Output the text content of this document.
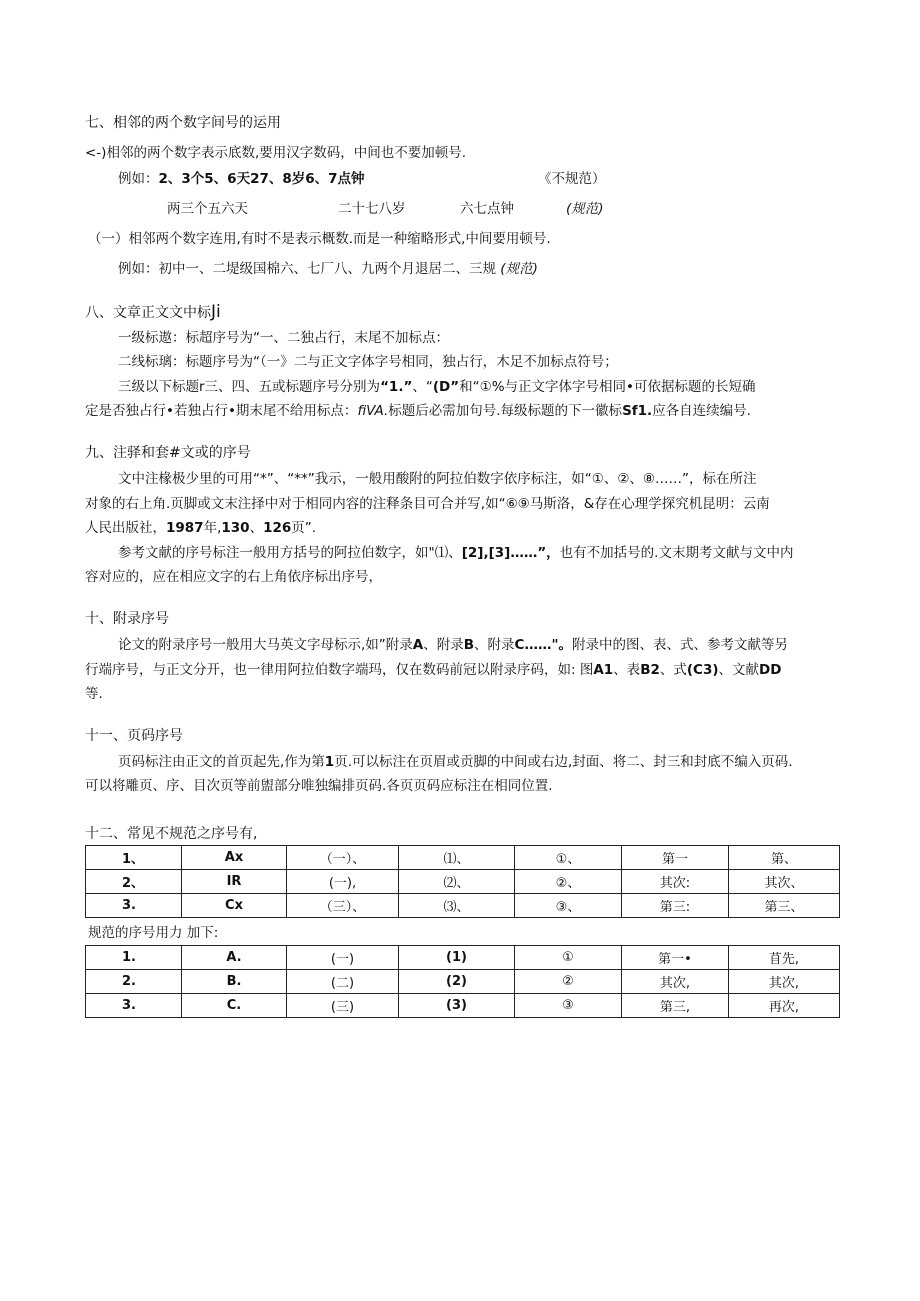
七、相邻的两个数字间号的运用
<-)相邻的两个数字表示底数,要用汉字数码，中间也不要加顿号.
例如：2、3个5、6天27、8岁6、7点钟	《不规范）
两三个五六天	二十七八岁	六七点钟	(规范)
（一）相邻两个数字连用,有时不是表示概数.而是一种缩略形式,中间要用顿号.
例如：初中一、二堤级国棉六、七厂八、九两个月退居二、三规 (规范)
八、文章正文文中标Ji
一级标遨：标超序号为“一、二独占行，末尾不加标点：
二线标璃：标题序号为“（一》二与正文字体字号相同，独占行，木足不加标点符号；
三级以下标题r三、四、五或标题序号分别为“1.”、“(D”和“①%与正文字体字号相同•可依据标题的长短确
定是否独占行•若独占行•期末尾不给用标点：fiVA.标题后必需加句号.每级标题的下一徽标Sf1.应各自连续编号.
九、注驿和套#文或的序号
文中注椽极少里的可用“*”、“**”我示，一般用酸附的阿拉伯数字依序标注，如“①、②、⑧……”，标在所注
对象的右上角.页脚或文末注择中对于相同内容的注释条目可合并写,如“⑥⑨马斯洛，&存在心理学探究机昆明：云南
人民出版社，1987年,130、126页”.
参考文献的序号标注一般用方括号的阿拉伯数字，如"⑴、[2],[3]……”，也有不加括号的.文末期考文献与文中内
容对应的，应在相应文字的右上角依序标出序号，
十、附录序号
论文的附录序号一般用大马英文字母标示,如”附录A、附录B、附录C……"。附录中的图、表、式、参考文献等另
行端序号，与正文分开，也一律用阿拉伯数字端玛，仅在数码前冠以附录序码，如: 图A1、表B2、式(C3)、文献DD
等.
十一、页码序号
页码标注由正文的首页起先,作为第1页.可以标注在页眉或贡脚的中间或右边,封面、将二、封三和封底不编入页码.
可以将雕页、序、目次页等前盥部分唯独编排页码.各页页码应标注在相同位置.
十二、常见不规范之序号有,
1、	Ax	（一）、	⑴、	①、	第一	第、
2、	IR	(一),	⑵、	②、	其次:	其次、
3.	Cx	（三）、	⑶、	③、	第三:	第三、
规范的序号用力 加下:
1.	A.	(一)	(1)	①	第一•	苜先,
2.	B.	(二)	(2)	②	其次,	其次,
3.	C.	(三)	(3)	③	第三,	再次,
